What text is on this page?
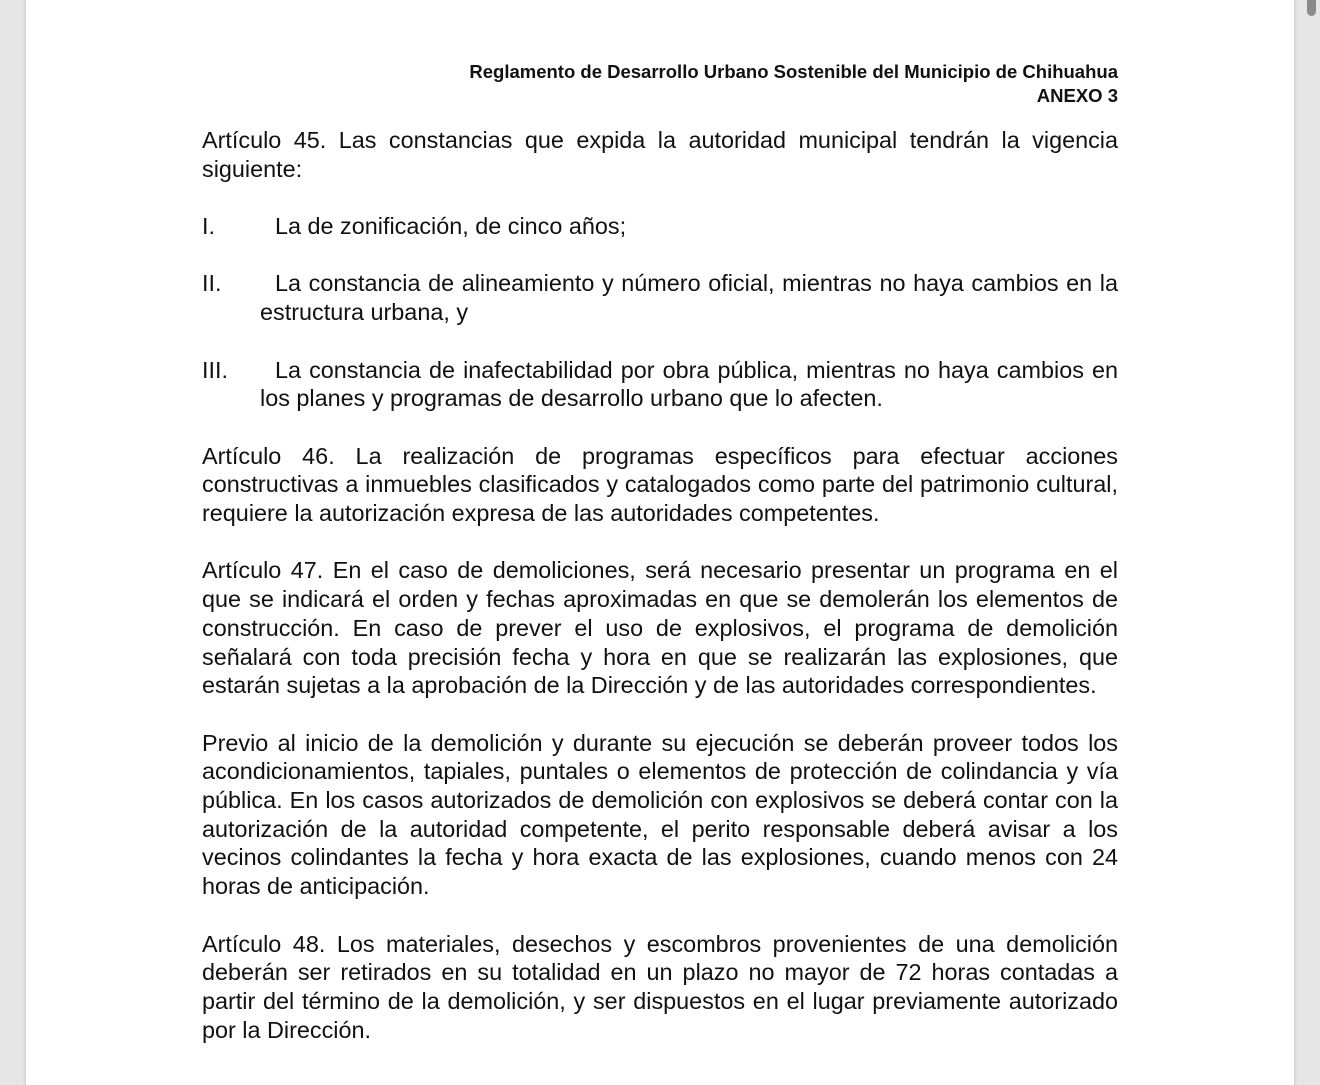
Reglamento de Desarrollo Urbano Sostenible del Municipio de Chihuahua
ANEXO 3

Artículo 45. Las constancias que expida la autoridad municipal tendrán la vigencia siguiente:

I.	La de zonificación, de cinco años;
II.	La constancia de alineamiento y número oficial, mientras no haya cambios en la estructura urbana, y
III.	La constancia de inafectabilidad por obra pública, mientras no haya cambios en los planes y programas de desarrollo urbano que lo afecten.

Artículo 46. La realización de programas específicos para efectuar acciones constructivas a inmuebles clasificados y catalogados como parte del patrimonio cultural, requiere la autorización expresa de las autoridades competentes.

Artículo 47. En el caso de demoliciones, será necesario presentar un programa en el que se indicará el orden y fechas aproximadas en que se demolerán los elementos de construcción. En caso de prever el uso de explosivos, el programa de demolición señalará con toda precisión fecha y hora en que se realizarán las explosiones, que estarán sujetas a la aprobación de la Dirección y de las autoridades correspondientes.

Previo al inicio de la demolición y durante su ejecución se deberán proveer todos los acondicionamientos, tapiales, puntales o elementos de protección de colindancia y vía pública. En los casos autorizados de demolición con explosivos se deberá contar con la autorización de la autoridad competente, el perito responsable deberá avisar a los vecinos colindantes la fecha y hora exacta de las explosiones, cuando menos con 24 horas de anticipación.

Artículo 48. Los materiales, desechos y escombros provenientes de una demolición deberán ser retirados en su totalidad en un plazo no mayor de 72 horas contadas a partir del término de la demolición, y ser dispuestos en el lugar previamente autorizado por la Dirección.
